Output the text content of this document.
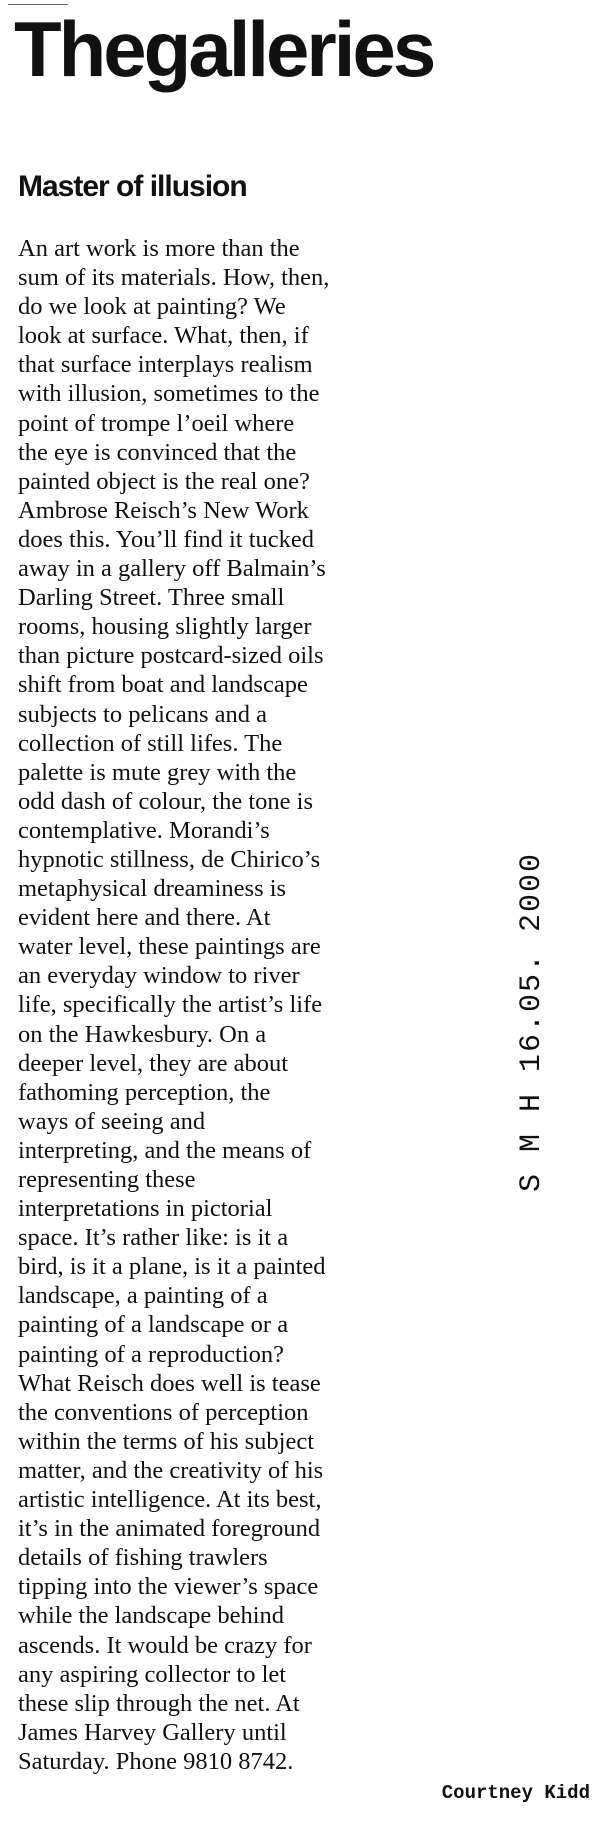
Thegalleries
Master of illusion
An art work is more than the
sum of its materials. How, then,
do we look at painting? We
look at surface. What, then, if
that surface interplays realism
with illusion, sometimes to the
point of trompe l’oeil where
the eye is convinced that the
painted object is the real one?
Ambrose Reisch’s New Work
does this. You’ll find it tucked
away in a gallery off Balmain’s
Darling Street. Three small
rooms, housing slightly larger
than picture postcard-sized oils
shift from boat and landscape
subjects to pelicans and a
collection of still lifes. The
palette is mute grey with the
odd dash of colour, the tone is
contemplative. Morandi’s
hypnotic stillness, de Chirico’s
metaphysical dreaminess is
evident here and there. At
water level, these paintings are
an everyday window to river
life, specifically the artist’s life
on the Hawkesbury. On a
deeper level, they are about
fathoming perception, the
ways of seeing and
interpreting, and the means of
representing these
interpretations in pictorial
space. It’s rather like: is it a
bird, is it a plane, is it a painted
landscape, a painting of a
painting of a landscape or a
painting of a reproduction?
What Reisch does well is tease
the conventions of perception
within the terms of his subject
matter, and the creativity of his
artistic intelligence. At its best,
it’s in the animated foreground
details of fishing trawlers
tipping into the viewer’s space
while the landscape behind
ascends. It would be crazy for
any aspiring collector to let
these slip through the net. At
James Harvey Gallery until
Saturday. Phone 9810 8742.
S M H 16.05. 2000
Courtney Kidd
